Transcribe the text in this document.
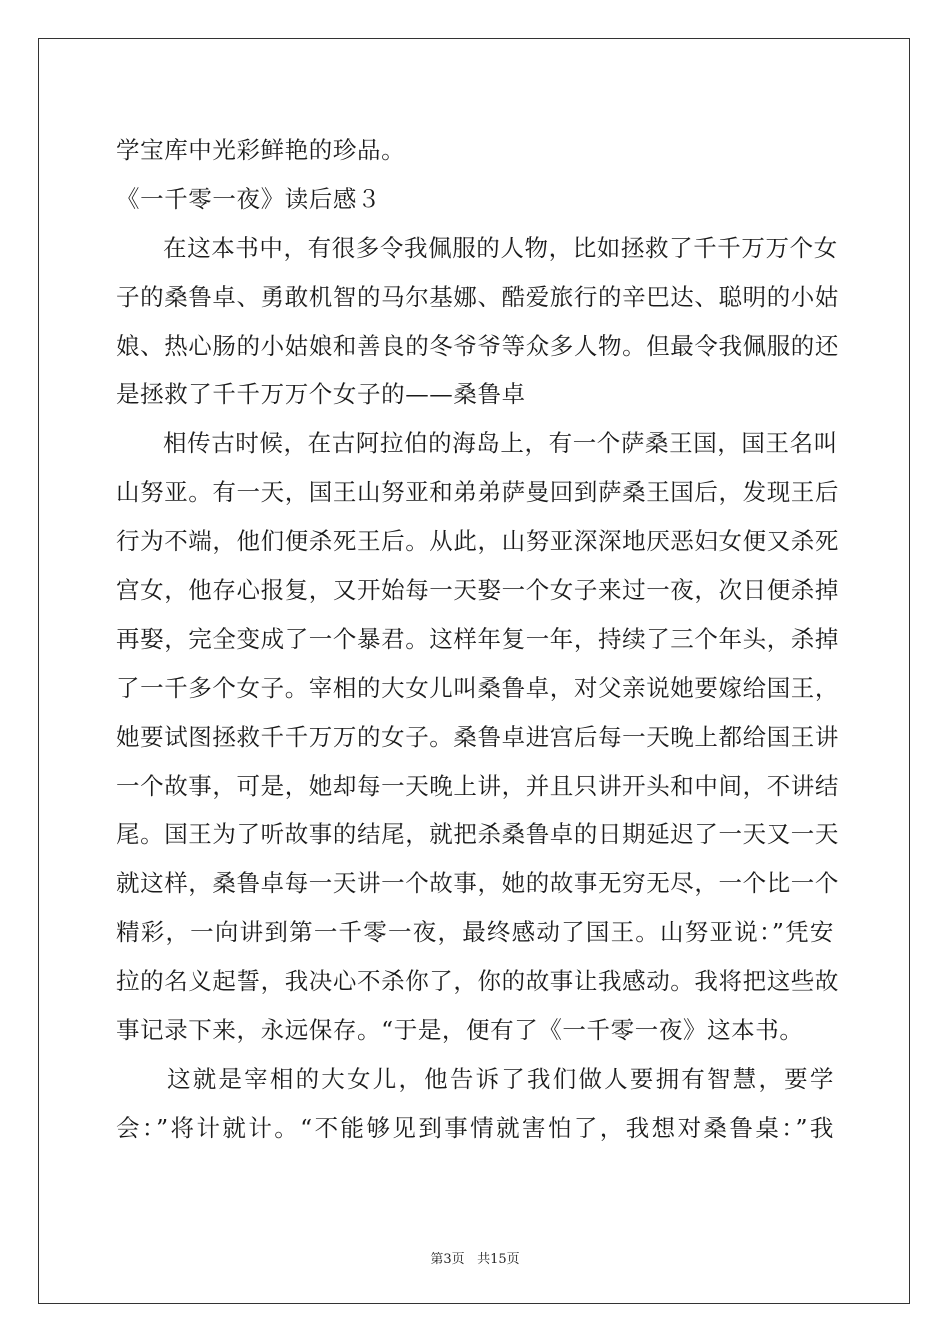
学宝库中光彩鲜艳的珍品。
《一千零一夜》读后感３
在这本书中，有很多令我佩服的人物，比如拯救了千千万万个女
子的桑鲁卓、勇敢机智的马尔基娜、酷爱旅行的辛巴达、聪明的小姑
娘、热心肠的小姑娘和善良的冬爷爷等众多人物。但最令我佩服的还
是拯救了千千万万个女子的——桑鲁卓
相传古时候，在古阿拉伯的海岛上，有一个萨桑王国，国王名叫
山努亚。有一天，国王山努亚和弟弟萨曼回到萨桑王国后，发现王后
行为不端，他们便杀死王后。从此，山努亚深深地厌恶妇女便又杀死
宫女，他存心报复，又开始每一天娶一个女子来过一夜，次日便杀掉
再娶，完全变成了一个暴君。这样年复一年，持续了三个年头，杀掉
了一千多个女子。宰相的大女儿叫桑鲁卓，对父亲说她要嫁给国王，
她要试图拯救千千万万的女子。桑鲁卓进宫后每一天晚上都给国王讲
一个故事，可是，她却每一天晚上讲，并且只讲开头和中间，不讲结
尾。国王为了听故事的结尾，就把杀桑鲁卓的日期延迟了一天又一天
就这样，桑鲁卓每一天讲一个故事，她的故事无穷无尽，一个比一个
精彩，一向讲到第一千零一夜，最终感动了国王。山努亚说：”凭安
拉的名义起誓，我决心不杀你了，你的故事让我感动。我将把这些故
事记录下来，永远保存。“于是，便有了《一千零一夜》这本书。
这就是宰相的大女儿，他告诉了我们做人要拥有智慧，要学
会：”将计就计。“不能够见到事情就害怕了，我想对桑鲁桌：”我
第3页 共15页
